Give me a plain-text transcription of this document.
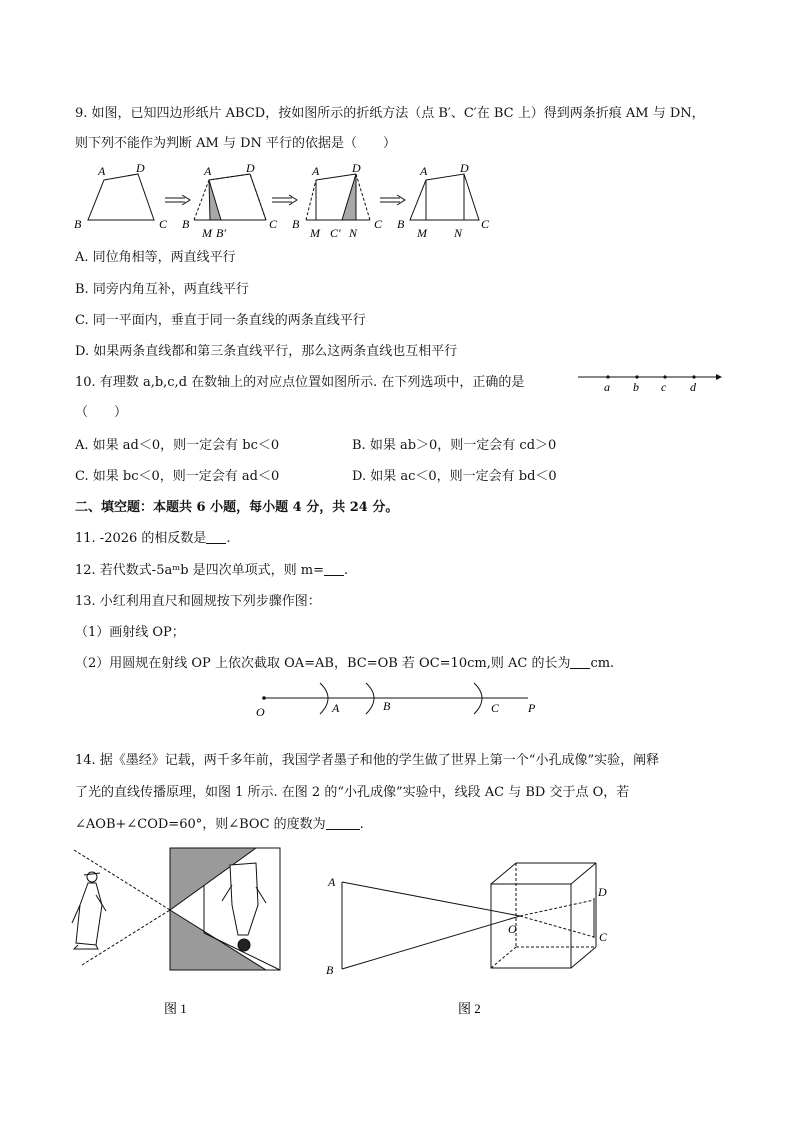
9. 如图，已知四边形纸片 ABCD，按如图所示的折纸方法（点 B′、C′在 BC 上）得到两条折痕 AM 与 DN，
则下列不能作为判断 AM 与 DN 平行的依据是（　　）
A	D
B	C
A	D
B	C
M B′
A	D
B	C
M C′ N
A	D
B	C
M N
A. 同位角相等，两直线平行
B. 同旁内角互补，两直线平行
C. 同一平面内，垂直于同一条直线的两条直线平行
D. 如果两条直线都和第三条直线平行，那么这两条直线也互相平行
10. 有理数 a,b,c,d 在数轴上的对应点位置如图所示. 在下列选项中，正确的是
（　　）
a b c d
A. 如果 ad＜0，则一定会有 bc＜0	B. 如果 ab＞0，则一定会有 cd＞0
C. 如果 bc＜0，则一定会有 ad＜0	D. 如果 ac＜0，则一定会有 bd＜0
二、填空题：本题共 6 小题，每小题 4 分，共 24 分。
11. -2026 的相反数是 .
12. 若代数式-5aᵐb 是四次单项式，则 m= .
13. 小红利用直尺和圆规按下列步骤作图：
（1）画射线 OP；
（2）用圆规在射线 OP 上依次截取 OA=AB，BC=OB 若 OC=10cm,则 AC 的长为 cm.
O	A	B	C P
14. 据《墨经》记载，两千多年前，我国学者墨子和他的学生做了世界上第一个“小孔成像”实验，阐释
了光的直线传播原理，如图 1 所示. 在图 2 的“小孔成像”实验中，线段 AC 与 BD 交于点 O，若
∠AOB+∠COD=60°，则∠BOC 的度数为	.
图 1
A
B
O
D
C
图 2
